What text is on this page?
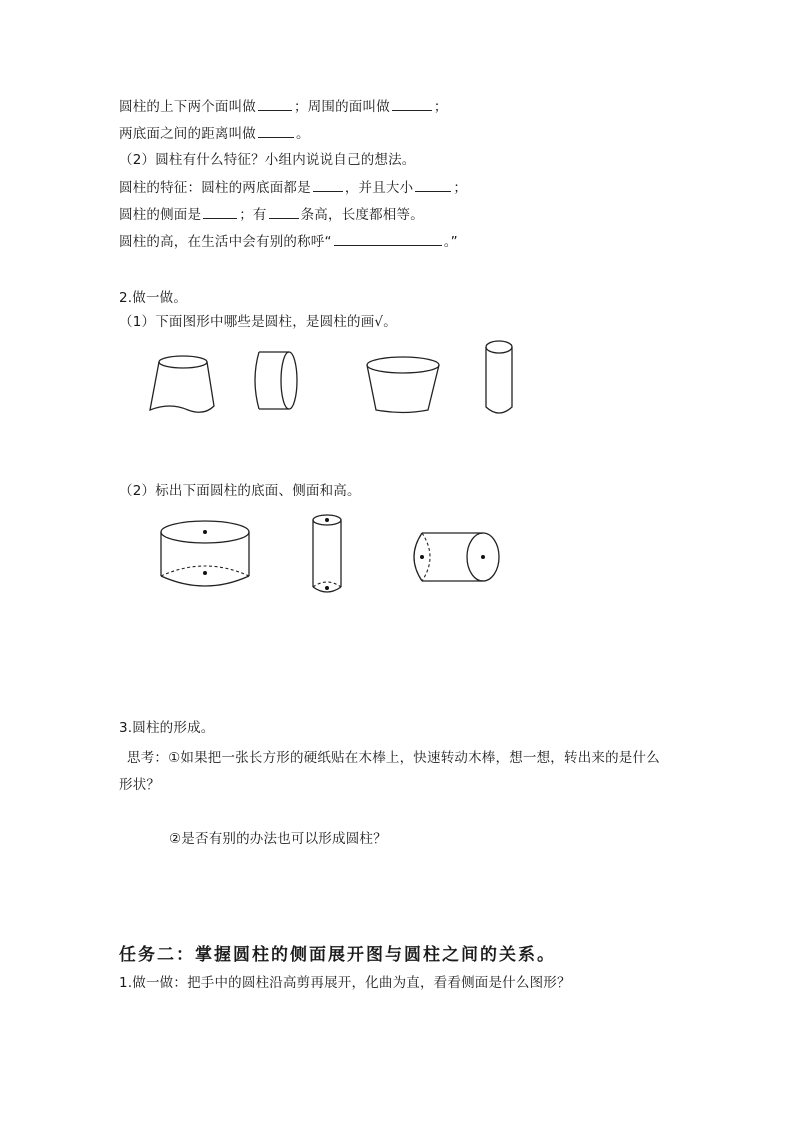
圆柱的上下两个面叫做	；周围的面叫做	；
两底面之间的距离叫做	。
（2）圆柱有什么特征？小组内说说自己的想法。
圆柱的特征：圆柱的两底面都是	，并且大小	；
圆柱的侧面是	；有	条高，长度都相等。
圆柱的高，在生活中会有别的称呼“	。”
2.做一做。
（1）下面图形中哪些是圆柱，是圆柱的画√。
（2）标出下面圆柱的底面、侧面和高。
3.圆柱的形成。
思考：①如果把一张长方形的硬纸贴在木棒上，快速转动木棒，想一想，转出来的是什么
形状？
②是否有别的办法也可以形成圆柱？
任务二：掌握圆柱的侧面展开图与圆柱之间的关系。
1.做一做：把手中的圆柱沿高剪再展开，化曲为直，看看侧面是什么图形？
